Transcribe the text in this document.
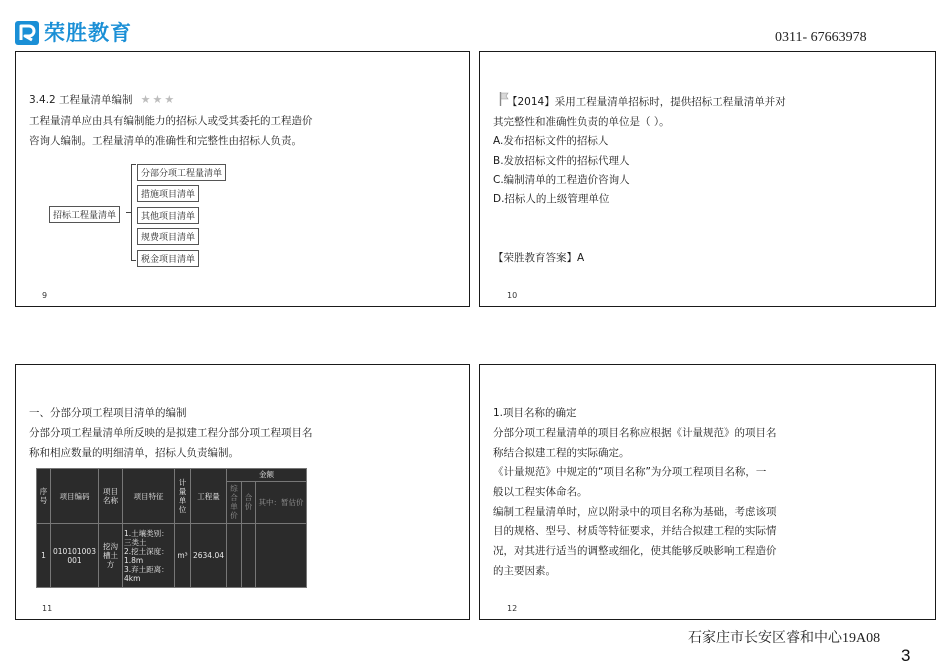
荣胜教育	0311- 67663978
3.4.2 工程量清单编制 ★ ★ ★
工程量清单应由具有编制能力的招标人或受其委托的工程造价
咨询人编制。工程量清单的准确性和完整性由招标人负责。
招标工程量清单
分部分项工程量清单
措施项目清单
其他项目清单
规费项目清单
税金项目清单
9
【2014】采用工程量清单招标时，提供招标工程量清单并对
其完整性和准确性负责的单位是（ ）。
A.发布招标文件的招标人
B.发放招标文件的招标代理人
C.编制清单的工程造价咨询人
D.招标人的上级管理单位
【荣胜教育答案】A
10
一、分部分项工程项目清单的编制
分部分项工程量清单所反映的是拟建工程分部分项工程项目名
称和相应数量的明细清单，招标人负责编制。
序号	项目编码	项目名称	项目特征	计量单位	工程量	金额		
						综合单价	合价	其中：暂估价
1	010101003001	挖沟槽土方	1.土壤类别：三类土
2.挖土深度：1.8m
3.弃土距离：4km	m³	2634.04			
11
1.项目名称的确定
分部分项工程量清单的项目名称应根据《计量规范》的项目名
称结合拟建工程的实际确定。
《计量规范》中规定的“项目名称”为分项工程项目名称，一
般以工程实体命名。
编制工程量清单时，应以附录中的项目名称为基础，考虑该项
目的规格、型号、材质等特征要求，并结合拟建工程的实际情
况，对其进行适当的调整或细化，使其能够反映影响工程造价
的主要因素。
12
石家庄市长安区睿和中心19A08
3
